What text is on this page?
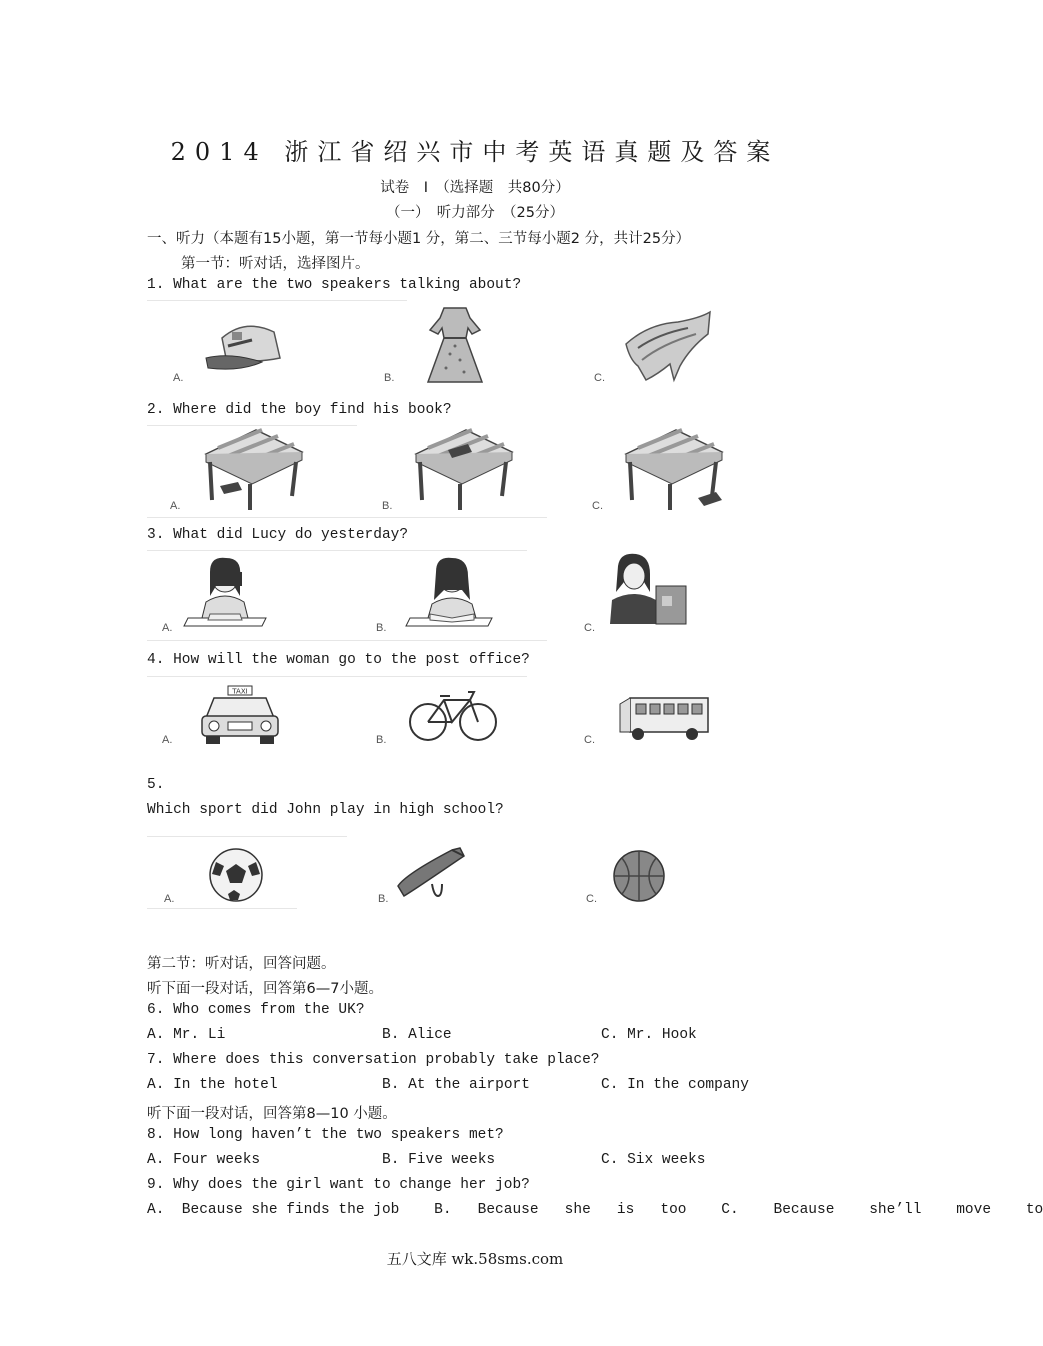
2014 浙江省绍兴市中考英语真题及答案
试卷　I　（选择题　共80分）
（一）　听力部分　（25分）
一、听力（本题有15小题，第一节每小题1 分，第二、三节每小题2 分，共计25分）
第一节：听对话，选择图片。
1. What are the two speakers talking about?
A.	B.	C.
2. Where did the boy find his book?
A.	B.	C.
3. What did Lucy do yesterday?
A.	B.	C.
4. How will the woman go to the post office?
A.	B.	C.
TAXI
5.
Which sport did John play in high school?
A.	B.	C.
第二节：听对话，回答问题。
听下面一段对话，回答第6—7小题。
6. Who comes from the UK?
A. Mr. Li	B. Alice	C. Mr. Hook
7. Where does this conversation probably take place?
A. In the hotel	B. At the airport	C. In the company
听下面一段对话，回答第8—10 小题。
8. How long haven’t the two speakers met?
A. Four weeks	B. Five weeks	C. Six weeks
9. Why does the girl want to change her job?
A.  Because she finds the job    B.   Because   she   is   too    C.    Because    she’ll    move    to
五八文库 wk.58sms.com
